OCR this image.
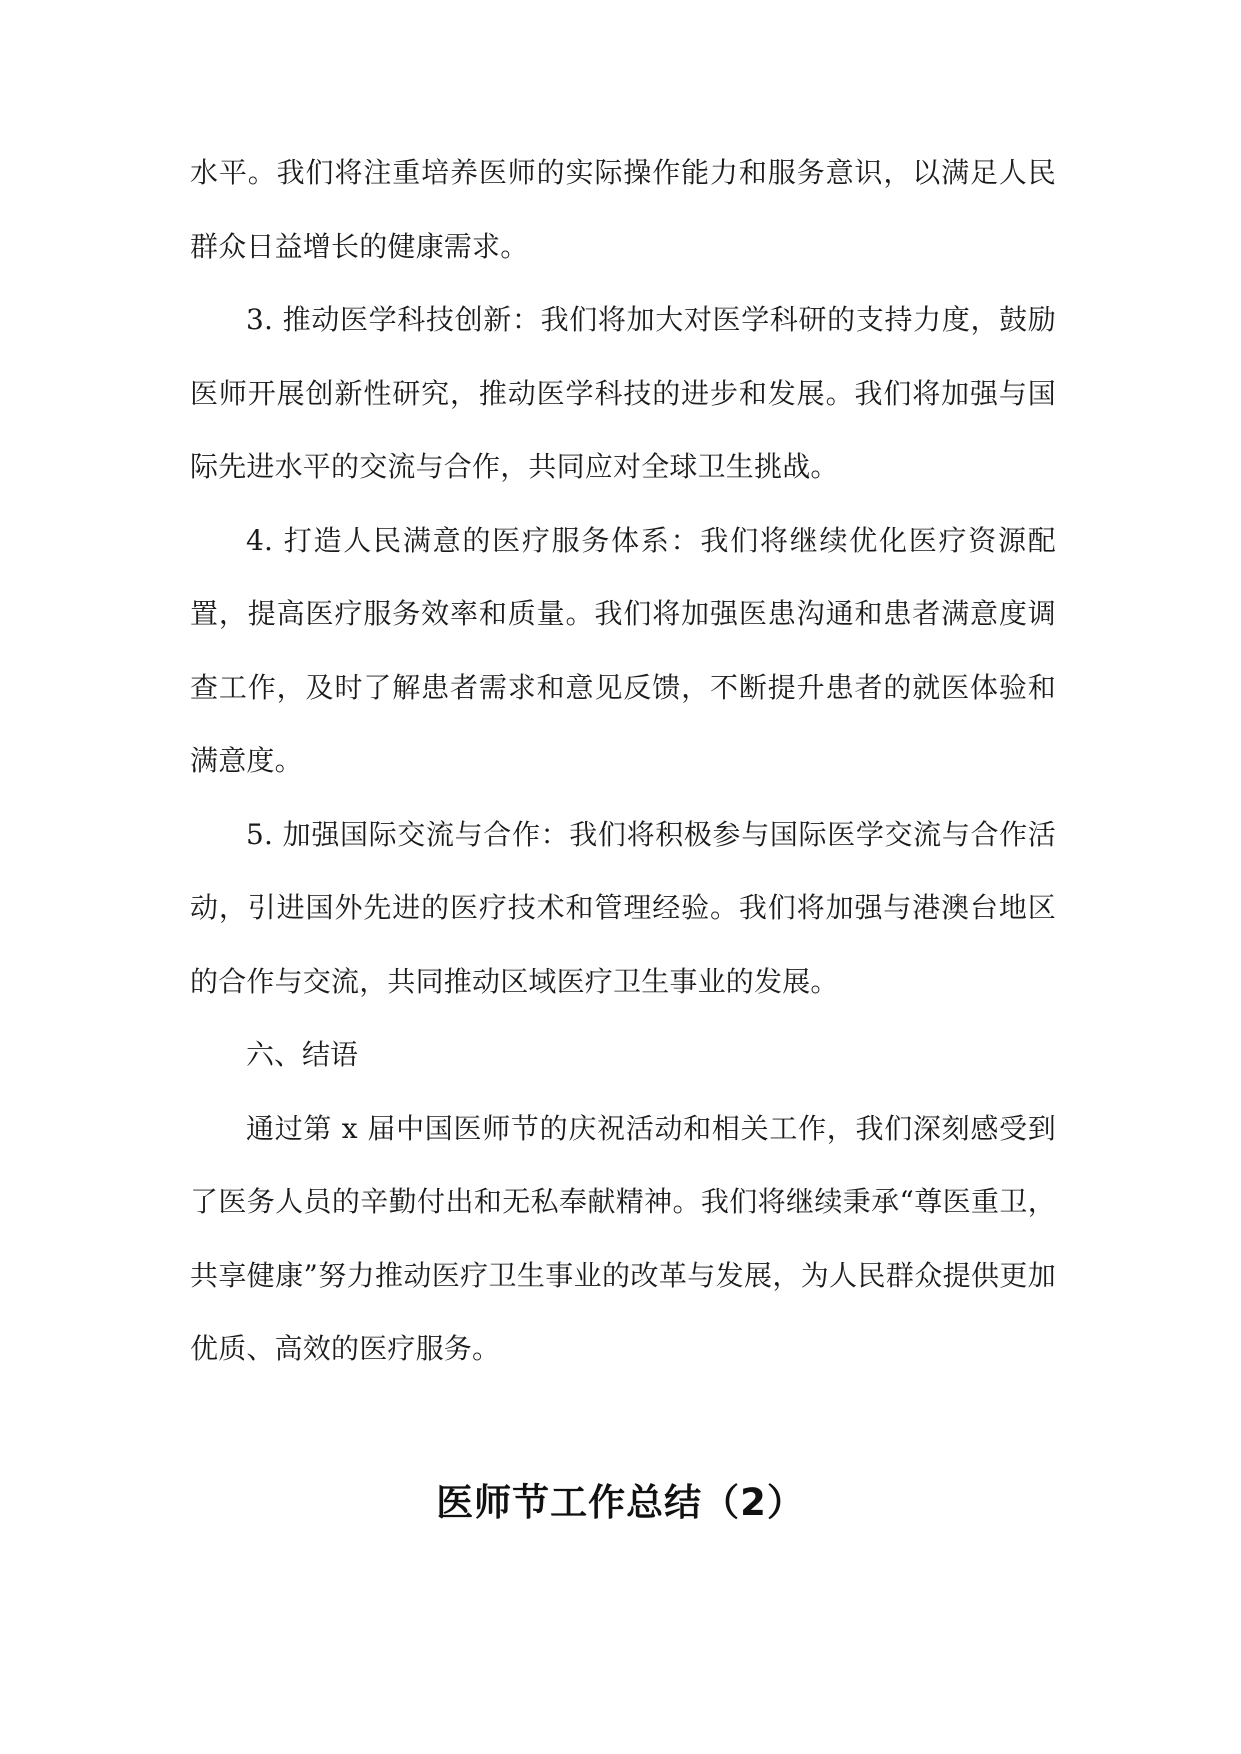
水平。我们将注重培养医师的实际操作能力和服务意识，以满足人民群众日益增长的健康需求。

3. 推动医学科技创新：我们将加大对医学科研的支持力度，鼓励医师开展创新性研究，推动医学科技的进步和发展。我们将加强与国际先进水平的交流与合作，共同应对全球卫生挑战。

4. 打造人民满意的医疗服务体系：我们将继续优化医疗资源配置，提高医疗服务效率和质量。我们将加强医患沟通和患者满意度调查工作，及时了解患者需求和意见反馈，不断提升患者的就医体验和满意度。

5. 加强国际交流与合作：我们将积极参与国际医学交流与合作活动，引进国外先进的医疗技术和管理经验。我们将加强与港澳台地区的合作与交流，共同推动区域医疗卫生事业的发展。

六、结语

通过第 x 届中国医师节的庆祝活动和相关工作，我们深刻感受到了医务人员的辛勤付出和无私奉献精神。我们将继续秉承“尊医重卫，共享健康”努力推动医疗卫生事业的改革与发展，为人民群众提供更加优质、高效的医疗服务。

医师节工作总结（2）
